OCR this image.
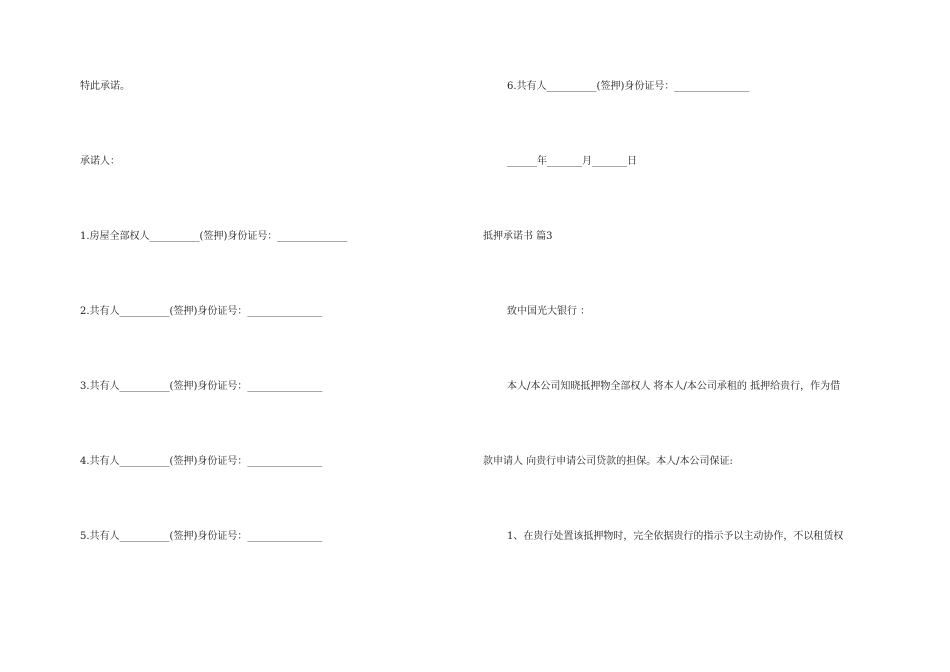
特此承诺。
承诺人：
1.房屋全部权人__________(签押)身份证号：______________
2.共有人__________(签押)身份证号：_______________
3.共有人__________(签押)身份证号：_______________
4.共有人__________(签押)身份证号：_______________
5.共有人__________(签押)身份证号：_______________
6.共有人__________(签押)身份证号：_______________
______年_______月_______日
抵押承诺书 篇3
致中国光大银行 ：
本人/本公司知晓抵押物全部权人 将本人/本公司承租的 抵押给贵行，作为借
款申请人 向贵行申请公司贷款的担保。本人/本公司保证:
1、在贵行处置该抵押物时，完全依据贵行的指示予以主动协作，不以租赁权
